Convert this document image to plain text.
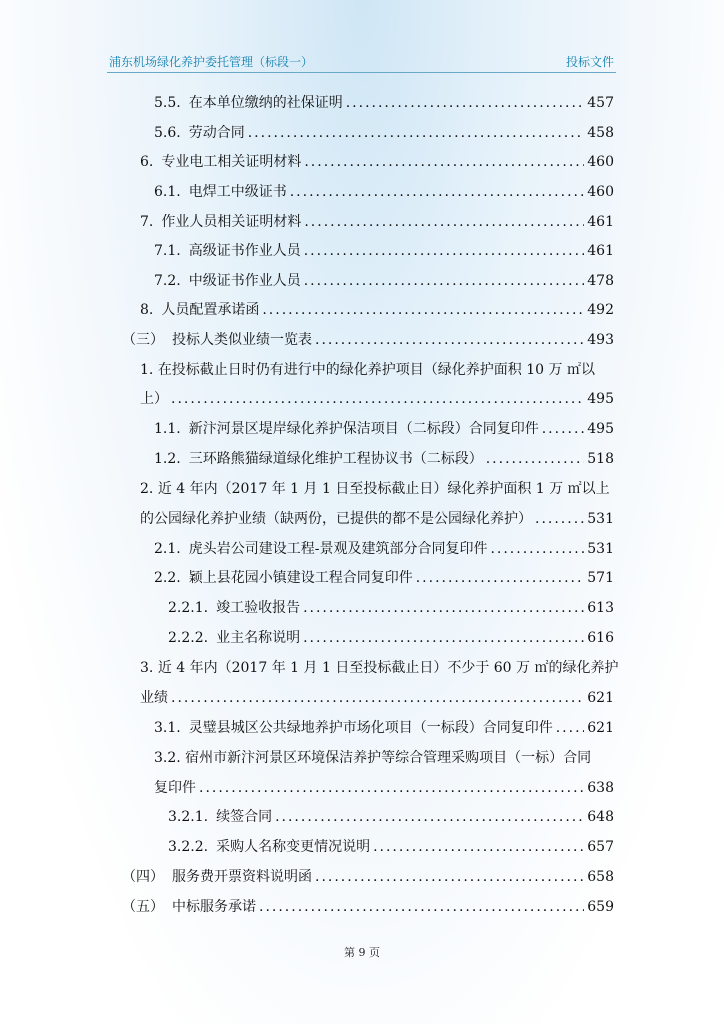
浦东机场绿化养护委托管理（标段一）	投标文件
5.5. 在本单位缴纳的社保证明 .....	457
5.6. 劳动合同 .....	458
6. 专业电工相关证明材料 .....	460
6.1. 电焊工中级证书 .....	460
7. 作业人员相关证明材料 .....	461
7.1. 高级证书作业人员 .....	461
7.2. 中级证书作业人员 .....	478
8. 人员配置承诺函 .....	492
（三） 投标人类似业绩一览表 .....	493
1. 在投标截止日时仍有进行中的绿化养护项目（绿化养护面积 10 万 ㎡以
上） .....	495
1.1. 新汴河景区堤岸绿化养护保洁项目（二标段）合同复印件 .....	495
1.2. 三环路熊猫绿道绿化维护工程协议书（二标段） .....	518
2. 近 4 年内（2017 年 1 月 1 日至投标截止日）绿化养护面积 1 万 ㎡以上
的公园绿化养护业绩（缺两份，已提供的都不是公园绿化养护） .....	531
2.1. 虎头岩公司建设工程-景观及建筑部分合同复印件 .....	531
2.2. 颖上县花园小镇建设工程合同复印件 .....	571
2.2.1. 竣工验收报告 .....	613
2.2.2. 业主名称说明 .....	616
3. 近 4 年内（2017 年 1 月 1 日至投标截止日）不少于 60 万 ㎡的绿化养护
业绩 .....	621
3.1. 灵璧县城区公共绿地养护市场化项目（一标段）合同复印件 ..... 621
3.2. 宿州市新汴河景区环境保洁养护等综合管理采购项目（一标）合同
复印件 .....	638
3.2.1. 续签合同 .....	648
3.2.2. 采购人名称变更情况说明 .....	657
（四） 服务费开票资料说明函 .....	658
（五） 中标服务承诺 .....	659
第 9 页
